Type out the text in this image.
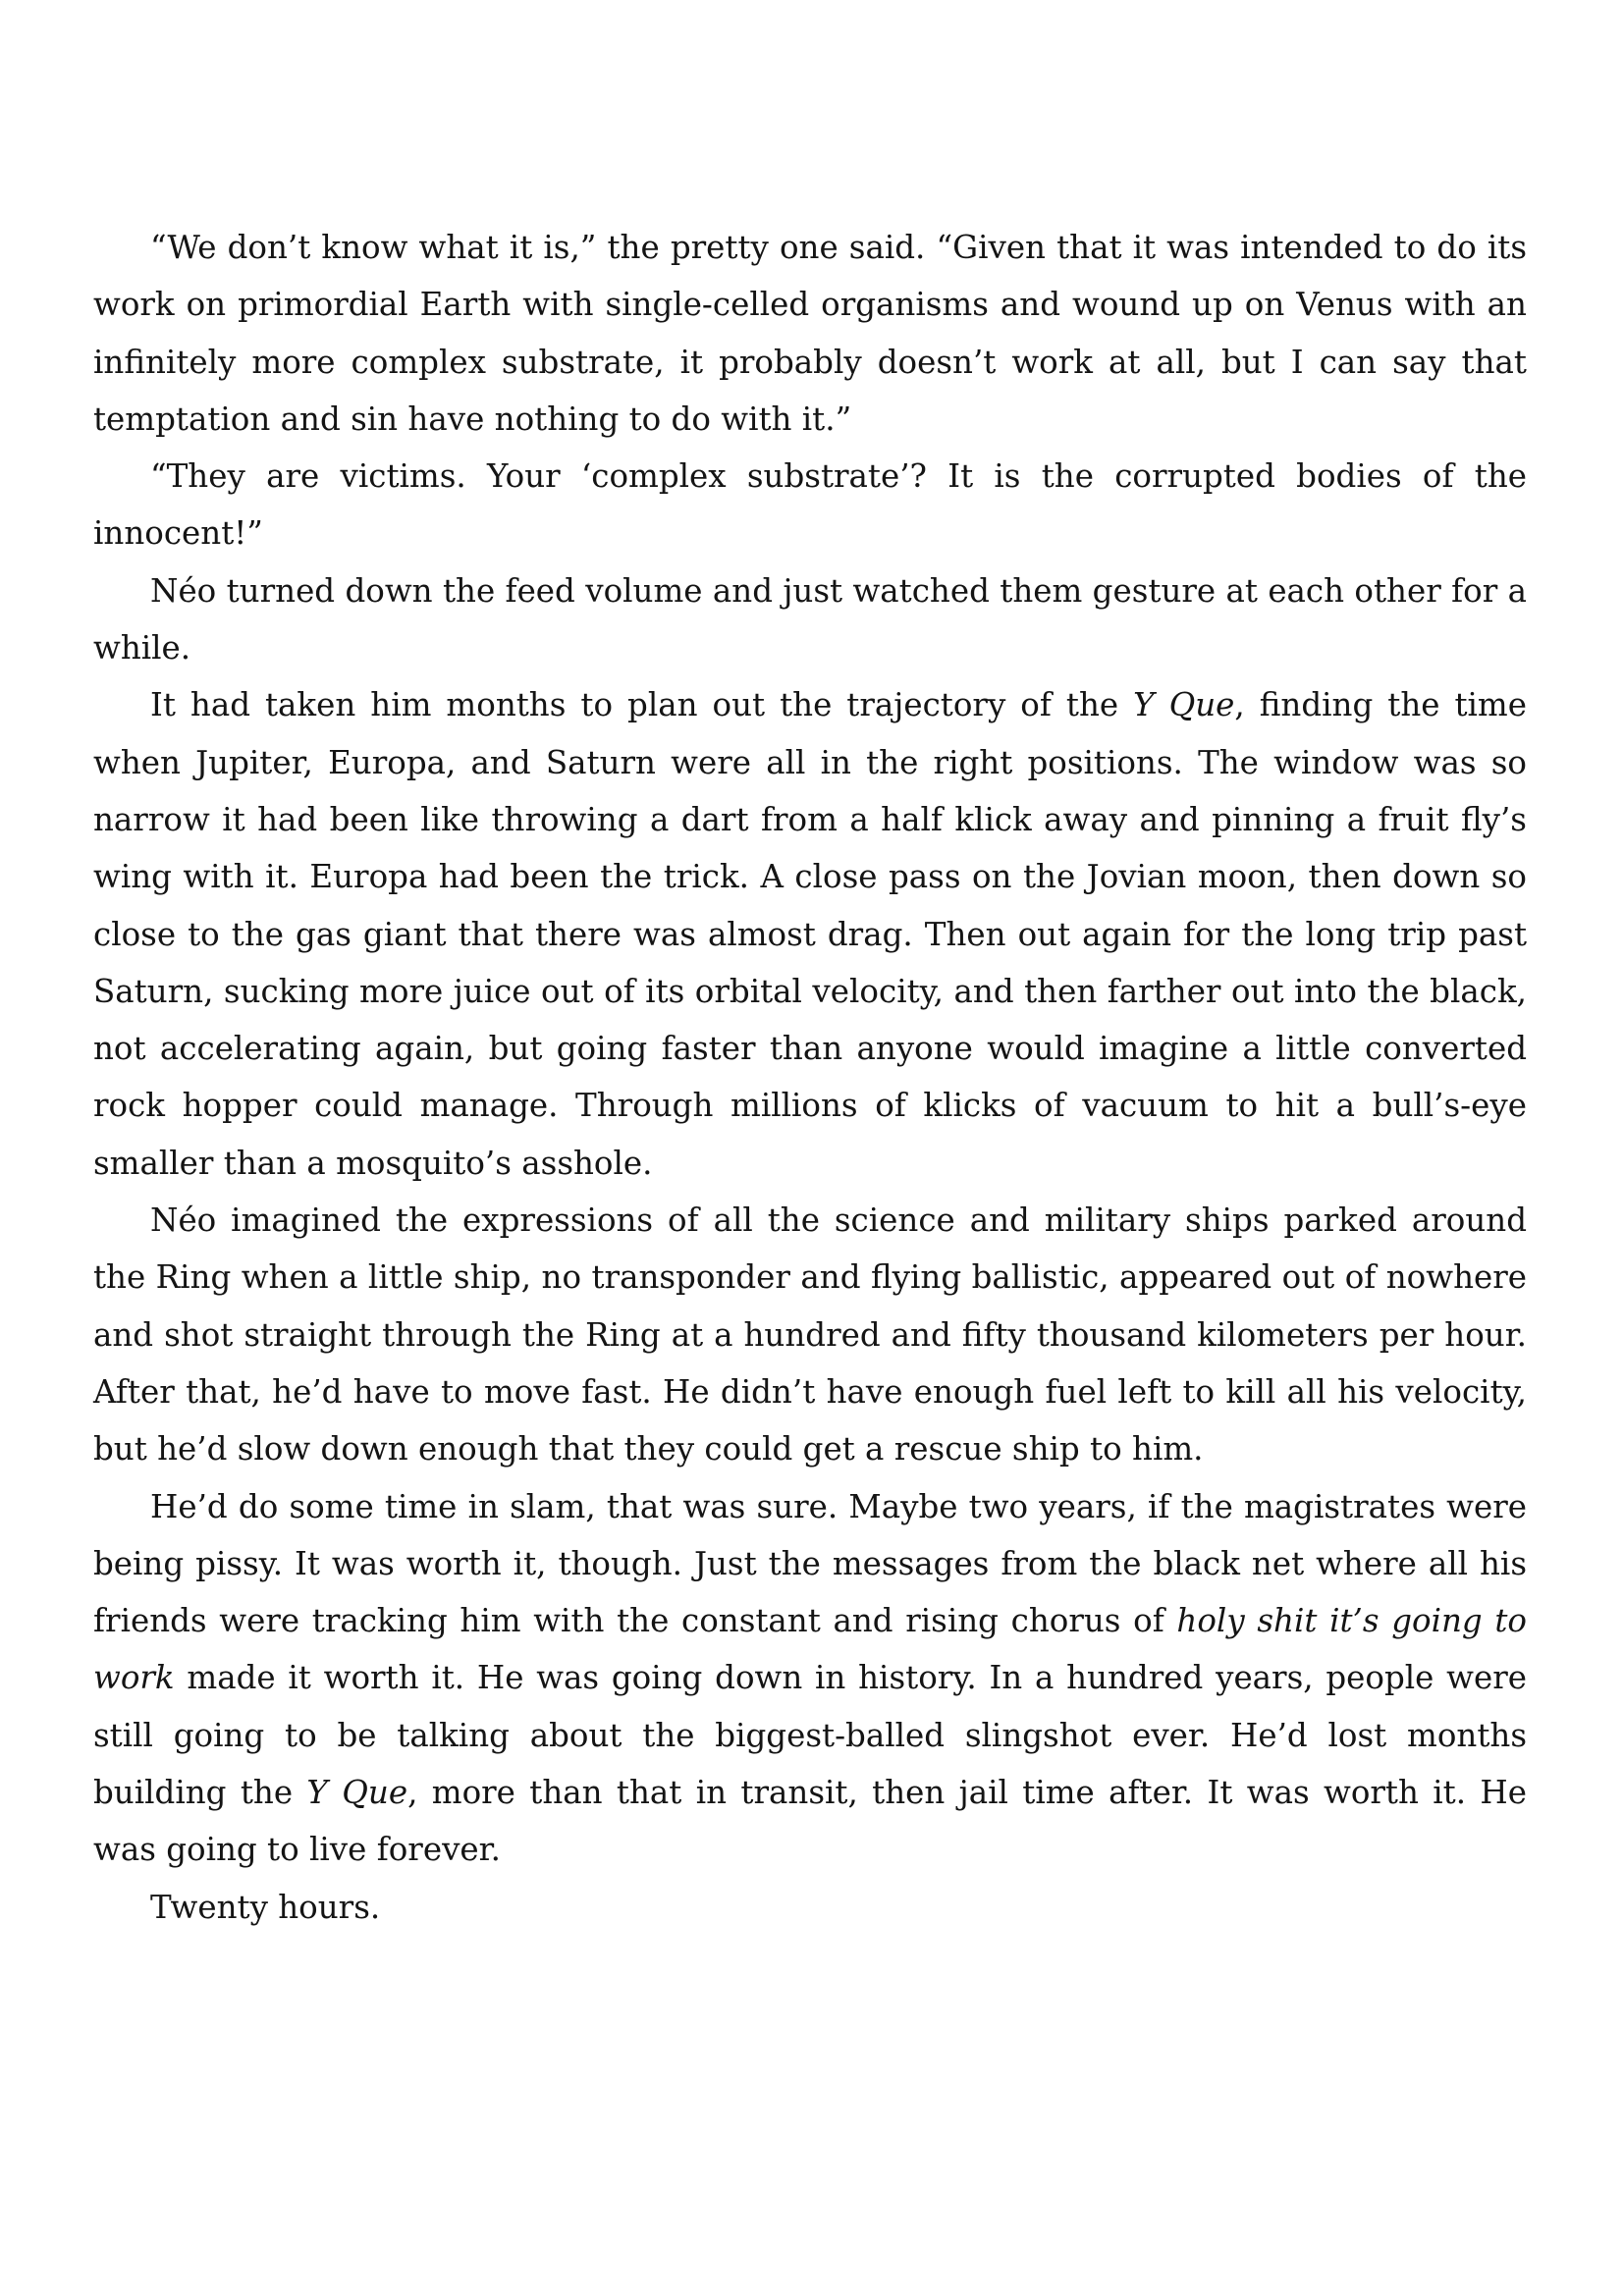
“We don’t know what it is,” the pretty one said. “Given that it was intended to do its work on primordial Earth with single-celled organisms and wound up on Venus with an infinitely more complex substrate, it probably doesn’t work at all, but I can say that temptation and sin have nothing to do with it.”

“They are victims. Your ‘complex substrate’? It is the corrupted bodies of the innocent!”

Néo turned down the feed volume and just watched them gesture at each other for a while.

It had taken him months to plan out the trajectory of the Y Que, finding the time when Jupiter, Europa, and Saturn were all in the right positions. The window was so narrow it had been like throwing a dart from a half klick away and pinning a fruit fly’s wing with it. Europa had been the trick. A close pass on the Jovian moon, then down so close to the gas giant that there was almost drag. Then out again for the long trip past Saturn, sucking more juice out of its orbital velocity, and then farther out into the black, not accelerating again, but going faster than anyone would imagine a little converted rock hopper could manage. Through millions of klicks of vacuum to hit a bull’s-eye smaller than a mosquito’s asshole.

Néo imagined the expressions of all the science and military ships parked around the Ring when a little ship, no transponder and flying ballistic, appeared out of nowhere and shot straight through the Ring at a hundred and fifty thousand kilometers per hour. After that, he’d have to move fast. He didn’t have enough fuel left to kill all his velocity, but he’d slow down enough that they could get a rescue ship to him.

He’d do some time in slam, that was sure. Maybe two years, if the magistrates were being pissy. It was worth it, though. Just the messages from the black net where all his friends were tracking him with the constant and rising chorus of holy shit it’s going to work made it worth it. He was going down in history. In a hundred years, people were still going to be talking about the biggest-balled slingshot ever. He’d lost months building the Y Que, more than that in transit, then jail time after. It was worth it. He was going to live forever.

Twenty hours.
